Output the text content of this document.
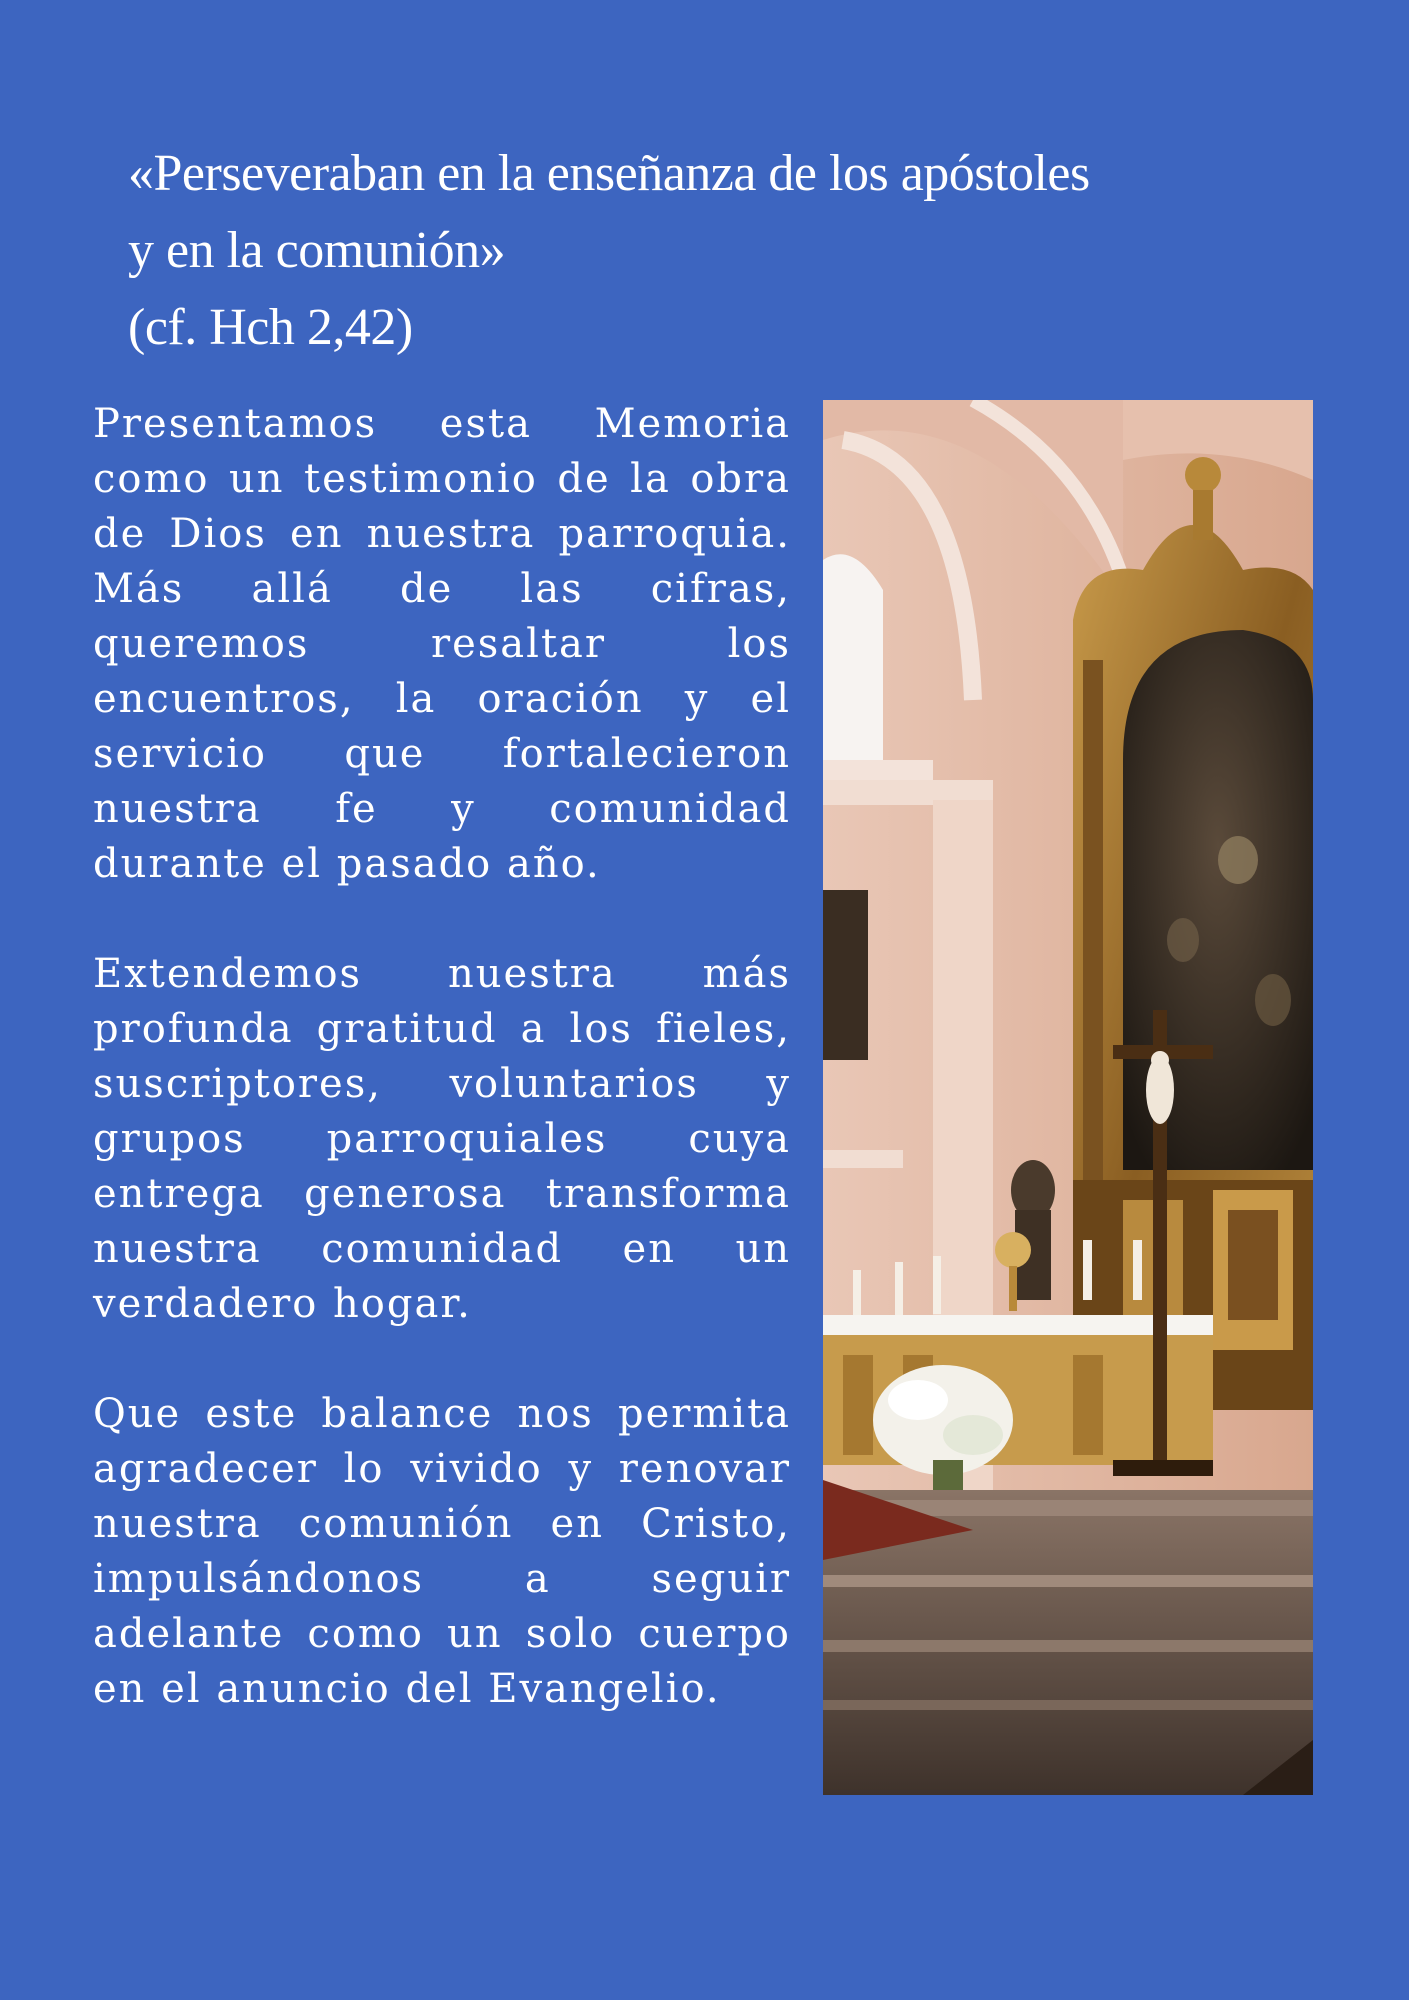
«Perseveraban en la enseñanza de los apóstoles
y en la comunión»
(cf. Hch 2,42)

Presentamos esta Memoria como un testimonio de la obra de Dios en nuestra parroquia. Más allá de las cifras, queremos resaltar los encuentros, la oración y el servicio que fortalecieron nuestra fe y comunidad durante el pasado año.

Extendemos nuestra más profunda gratitud a los fieles, suscriptores, voluntarios y grupos parroquiales cuya entrega generosa transforma nuestra comunidad en un verdadero hogar.

Que este balance nos permita agradecer lo vivido y renovar nuestra comunión en Cristo, impulsándonos a seguir adelante como un solo cuerpo en el anuncio del Evangelio.
